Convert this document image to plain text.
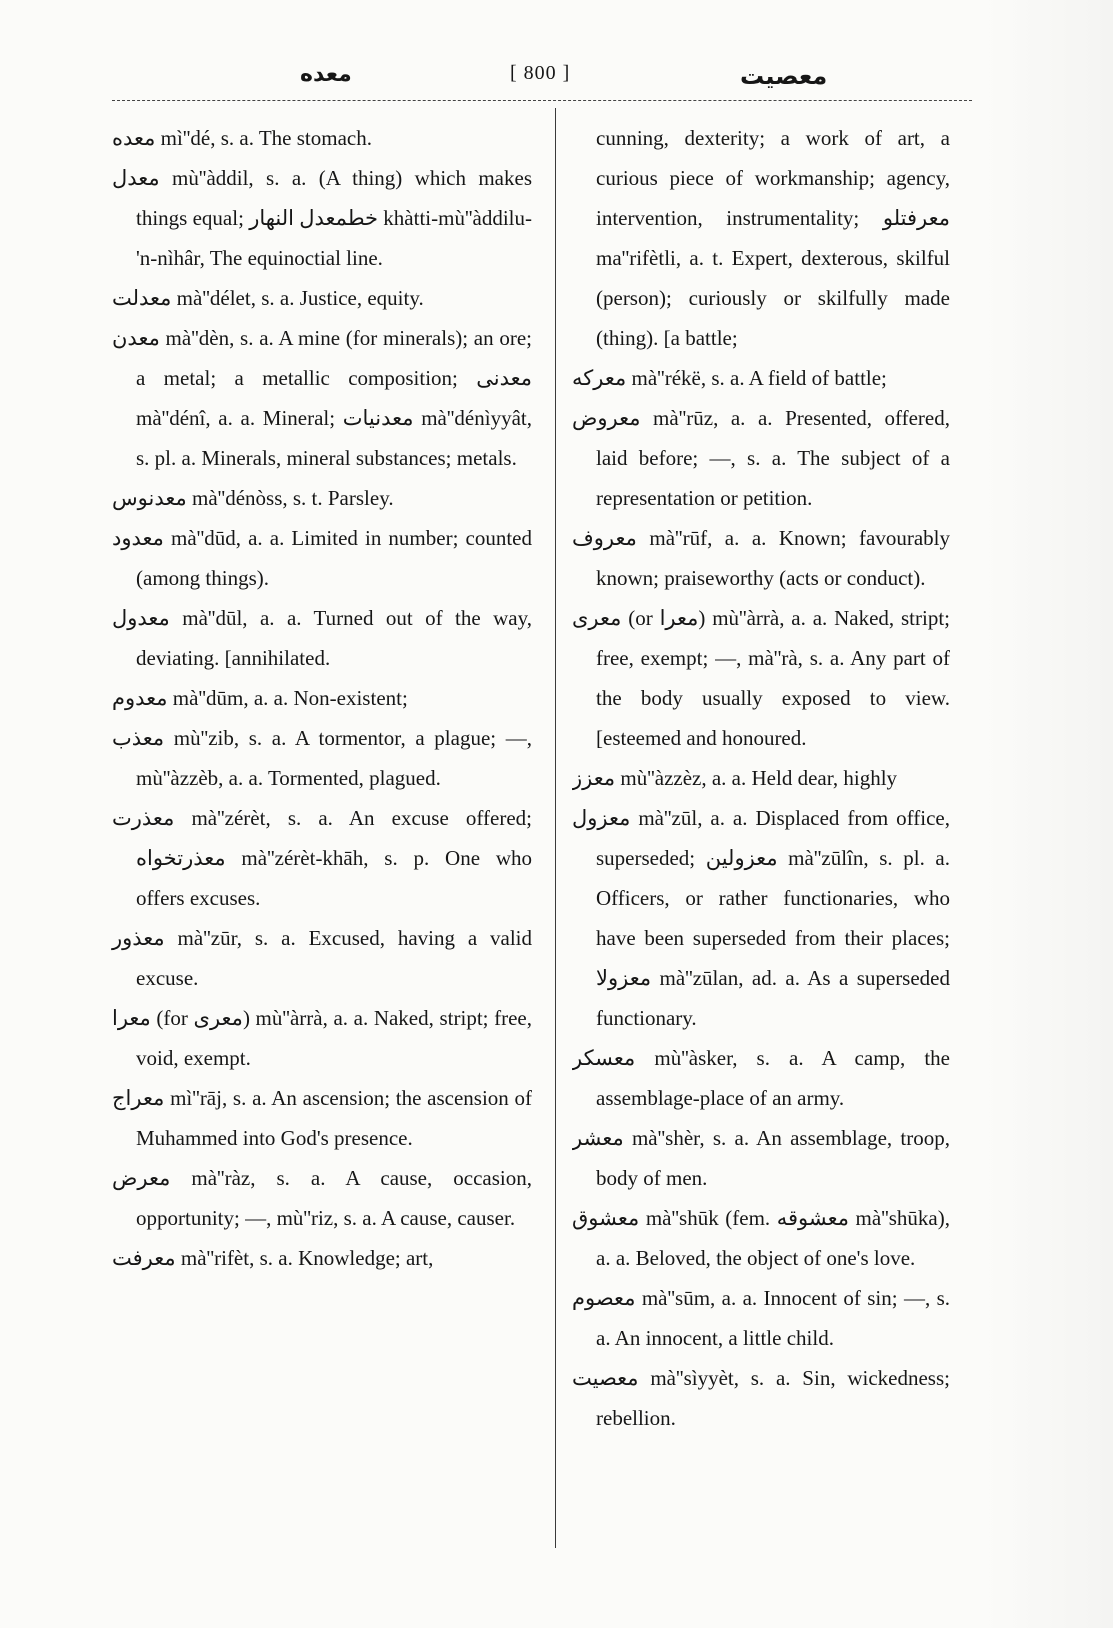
معده	[ 800 ]	معصيت

معده mì''dé, s. a. The stomach.

معدل mù''àddil, s. a. (A thing) which makes things equal; خطمعدل النهار khàtti-mù''àddilu-'n-nìhâr, The equinoctial line.

معدلت mà''délet, s. a. Justice, equity.

معدن mà''dèn, s. a. A mine (for minerals); an ore; a metal; a metallic composition; معدنى mà''dénî, a. a. Mineral; معدنيات mà''dénìyyât, s. pl. a. Minerals, mineral substances; metals.

معدنوس mà''dénòss, s. t. Parsley.

معدود mà''dūd, a. a. Limited in number; counted (among things).

معدول mà''dūl, a. a. Turned out of the way, deviating. [annihilated.

معدوم mà''dūm, a. a. Non-existent;

معذب mù''zib, s. a. A tormentor, a plague; —, mù''àzzèb, a. a. Tormented, plagued.

معذرت mà''zérèt, s. a. An excuse offered; معذرتخواه mà''zérèt-khāh, s. p. One who offers excuses.

معذور mà''zūr, s. a. Excused, having a valid excuse.

معرا (for معرى) mù''àrrà, a. a. Naked, stript; free, void, exempt.

معراج mì''rāj, s. a. An ascension; the ascension of Muhammed into God's presence.

معرض mà''ràz, s. a. A cause, occasion, opportunity; —, mù''riz, s. a. A cause, causer.

معرفت mà''rifèt, s. a. Knowledge; art,

cunning, dexterity; a work of art, a curious piece of workmanship; agency, intervention, instrumentality; معرفتلو ma''rifètli, a. t. Expert, dexterous, skilful (person); curiously or skilfully made (thing). [a battle;

معركه mà''rékë, s. a. A field of battle;

معروض mà''rūz, a. a. Presented, offered, laid before; —, s. a. The subject of a representation or petition.

معروف mà''rūf, a. a. Known; favourably known; praiseworthy (acts or conduct).

معرى (or معرا) mù''àrrà, a. a. Naked, stript; free, exempt; —, mà''rà, s. a. Any part of the body usually exposed to view. [esteemed and honoured.

معزز mù''àzzèz, a. a. Held dear, highly

معزول mà''zūl, a. a. Displaced from office, superseded; معزولين mà''zūlîn, s. pl. a. Officers, or rather functionaries, who have been superseded from their places; معزولا mà''zūlan, ad. a. As a superseded functionary.

معسكر mù''àsker, s. a. A camp, the assemblage-place of an army.

معشر mà''shèr, s. a. An assemblage, troop, body of men.

معشوق mà''shūk (fem. معشوقه mà''shūka), a. a. Beloved, the object of one's love.

معصوم mà''sūm, a. a. Innocent of sin; —, s. a. An innocent, a little child.

معصيت mà''sìyyèt, s. a. Sin, wickedness; rebellion.
